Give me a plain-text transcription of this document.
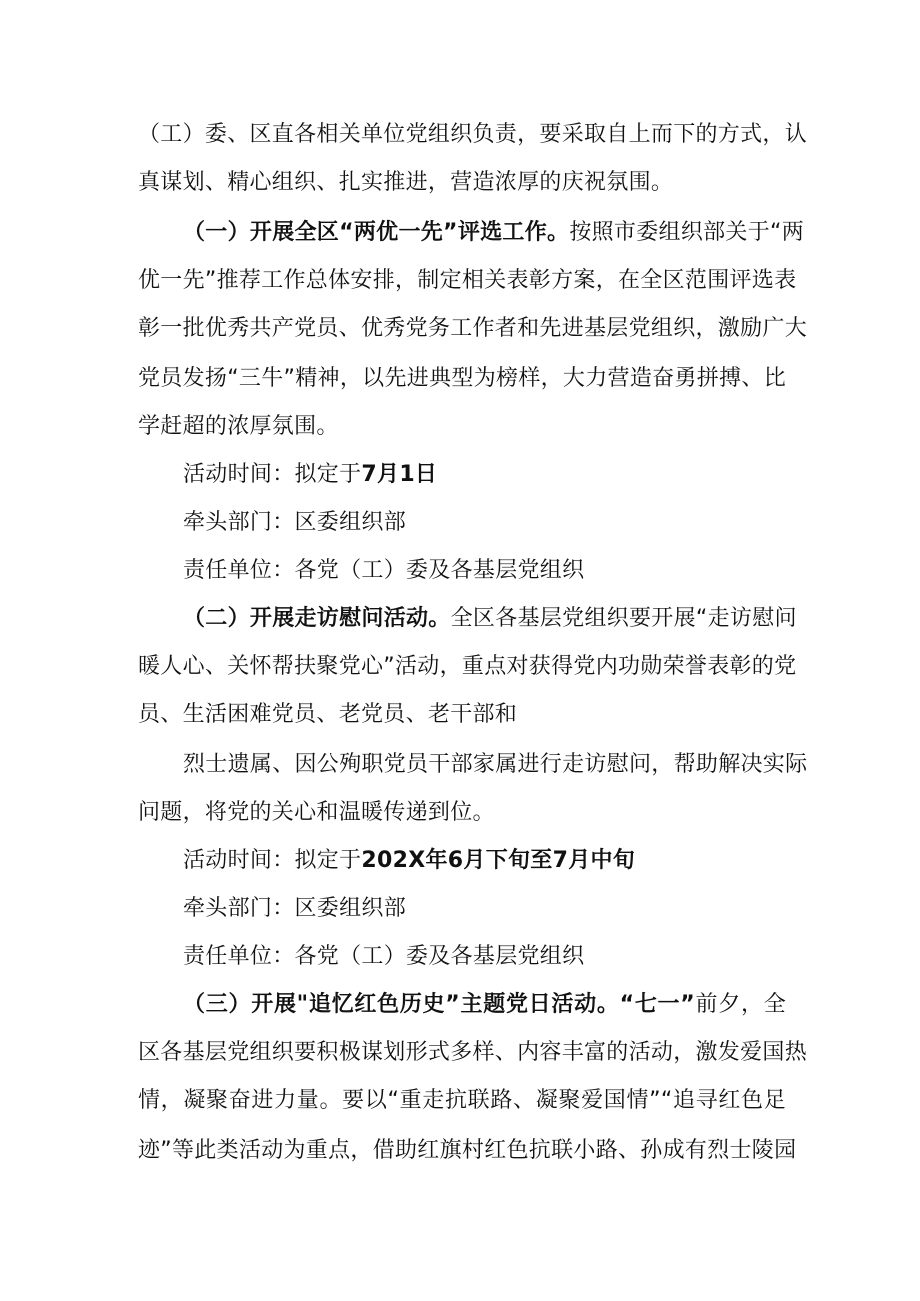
（工）委、区直各相关单位党组织负责，要采取自上而下的方式，认
真谋划、精心组织、扎实推进，营造浓厚的庆祝氛围。
（一）开展全区“两优一先”评选工作。按照市委组织部关于“两
优一先”推荐工作总体安排，制定相关表彰方案，在全区范围评选表
彰一批优秀共产党员、优秀党务工作者和先进基层党组织，激励广大
党员发扬“三牛”精神，以先进典型为榜样，大力营造奋勇拼搏、比
学赶超的浓厚氛围。
活动时间：拟定于7月1日
牵头部门：区委组织部
责任单位：各党（工）委及各基层党组织
（二）开展走访慰问活动。全区各基层党组织要开展“走访慰问
暖人心、关怀帮扶聚党心”活动，重点对获得党内功勋荣誉表彰的党
员、生活困难党员、老党员、老干部和
烈士遗属、因公殉职党员干部家属进行走访慰问，帮助解决实际
问题，将党的关心和温暖传递到位。
活动时间：拟定于202X年6月下旬至7月中旬
牵头部门：区委组织部
责任单位：各党（工）委及各基层党组织
（三）开展"追忆红色历史”主题党日活动。“七一”前夕，全
区各基层党组织要积极谋划形式多样、内容丰富的活动，激发爱国热
情，凝聚奋进力量。要以“重走抗联路、凝聚爱国情”“追寻红色足
迹”等此类活动为重点，借助红旗村红色抗联小路、孙成有烈士陵园
